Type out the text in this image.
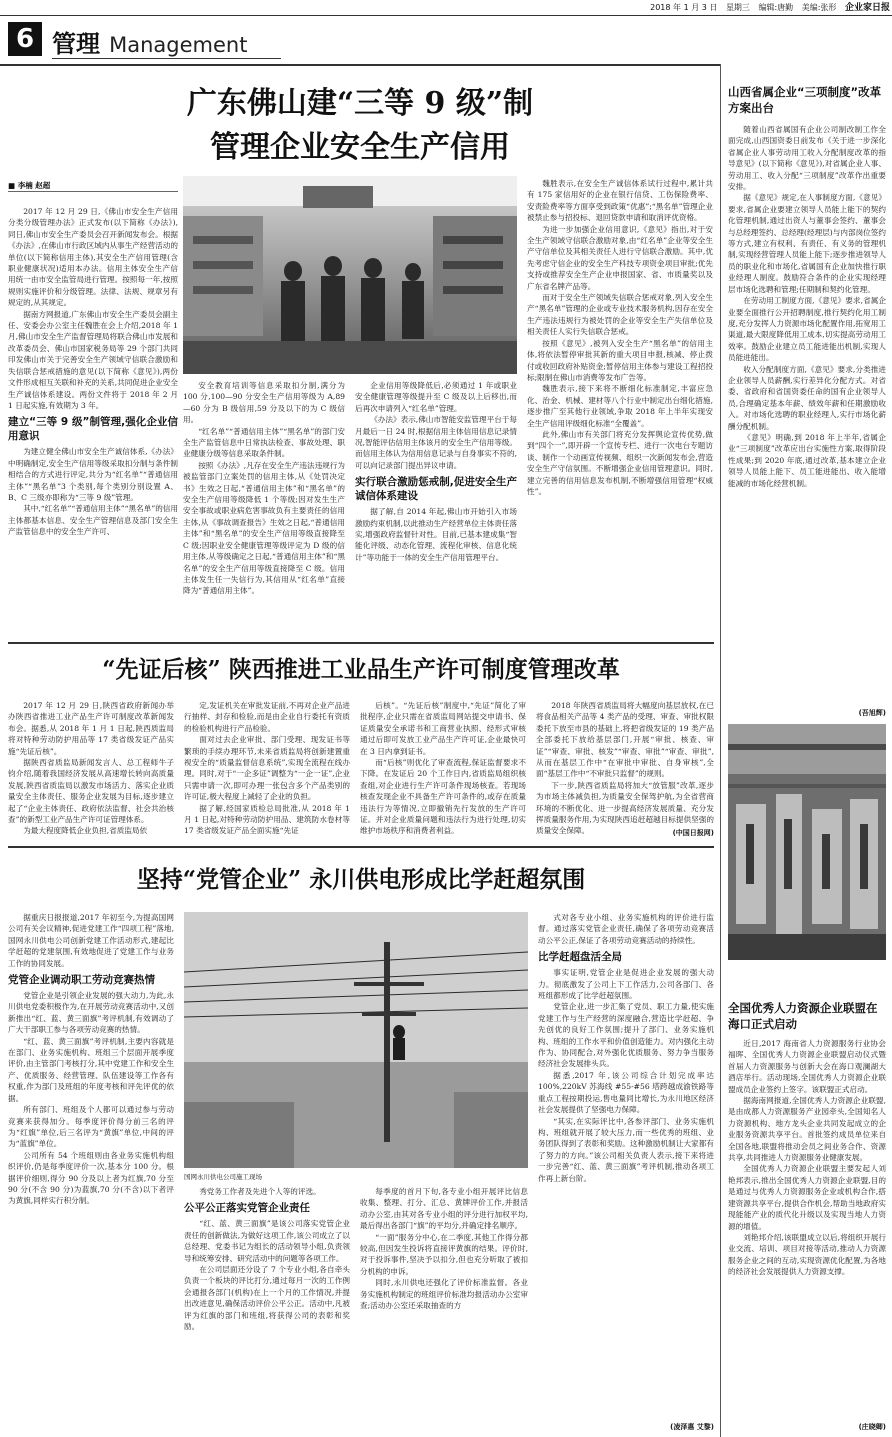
2018 年 1 月 3 日 星期三 编辑:唐勤 美编:张形 企业家日报
6 管理 Management
广东佛山建“三等 9 级”制
管理企业安全生产信用
■ 李楠 赵超

2017 年 12 月 29 日,《佛山市安全生产信用分类分级管理办法》正式发布(以下简称《办法》),同日,佛山市安全生产委员会召开新闻发布会。根据《办法》,在佛山市行政区域内从事生产经营活动的单位(以下简称信用主体),其安全生产信用管理(含职业健康状况)适用本办法。信用主体安全生产信用统一由市安全监管局进行管理。按照每一年,按照规则实施评价和分级管理。法律、法规、规章另有规定的,从其规定。

据南方网报道,广东佛山市安全生产委员会副主任、安委会办公室主任魏胜在会上介绍,2018 年 1 月,佛山市安全生产监督管理局将联合佛山市发展和改革委员会、佛山市国家税务局等 29 个部门共同印发佛山市关于完善安全生产领域守信联合激励和失信联合惩戒措施的意见(以下简称《意见》),两份文件形成相互关联和补充的关系,共同促进企业安全生产诚信体系建设。两份文件将于 2018 年 2 月 1 日起实施,有效期为 3 年。

建立“三等 9 级”制管理,强化企业信用意识

为建立健全佛山市安全生产诚信体系,《办法》中明确制定,安全生产信用等级采取扣分制与条件制相结合的方式进行评定,共分为“红名单”“普通信用主体”“黑名单”3 个类别,每个类别分别设置 A、B、C 三级亦即称为“三等 9 级”管理。

其中,“红名单”“普通信用主体”“黑名单”的信用主体都基本信息、安全生产管理信息及部门安全生产监管信息中的安全生产许可、

安全教育培训等信息采取扣分制,满分为 100 分,100—90 分安全生产信用等级为 A,89—60 分为 B 级信用,59 分及以下的为 C 级信用。

“红名单”“普通信用主体”“黑名单”的部门安全生产监管信息中日常执法检查、事故处理、职业健康分级等信息采取条件制。

按照《办法》,凡存在安全生产违法违规行为被监管部门立案处罚的信用主体,从《处罚决定书》生效之日起,“普通信用主体”和“黑名单”的安全生产信用等级降低 1 个等级;因对发生生产安全事故或职业病危害事故负有主要责任的信用主体,从《事故调查报告》生效之日起,“普通信用主体”和“黑名单”的安全生产信用等级直接降至 C 级;因职业安全健康管理等级评定为 D 级的信用主体,从等级确定之日起,“普通信用主体”和“黑名单”的安全生产信用等级直接降至 C 级。信用主体发生任一失信行为,其信用从“红名单”直接降为“普通信用主体”。

企业信用等级降低后,必须通过 1 年或职业安全健康管理等级提升至 C 级及以上后移出,而后再次申请列入“红名单”管理。

《办法》表示,佛山市智能安监管理平台于每月最后一日 24 时,根据信用主体信用信息记录情况,智能评估信用主体该月的安全生产信用等级。而信用主体认为信用信息记录与自身事实不符的,可以向记录部门提出异议申请。

实行联合激励惩戒制,促进安全生产诚信体系建设

据了解,自 2014 年起,佛山市开始引入市场激励约束机制,以此推动生产经营单位主体责任落实,增强政府监督针对性。目前,已基本建成集“智能化评级、动态化管理、流程化审核、信息化统计”等功能于一体的安全生产信用管理平台。

魏胜表示,在安全生产诚信体系试行过程中,累计共有 175 家信用好的企业在银行信贷、工伤保险费率、安责险费率等方面享受到政策“优惠”;“黑名单”管理企业被禁止参与招投标、退回贷款申请和取消评优资格。

为进一步加强企业信用意识,《意见》指出,对于安全生产领域守信联合激励对象,由“红名单”企业等安全生产守信单位及其相关责任人进行守信联合激励。其中,优先考虑守信企业的安全生产科技专项资金项目审批;优先支持或推荐安全生产企业申报国家、省、市质量奖以及广东省名牌产品等。

而对于安全生产领域失信联合惩戒对象,列入安全生产“黑名单”管理的企业或专业技术服务机构,因存在安全生产违法违规行为被处罚的企业等安全生产失信单位及相关责任人实行失信联合惩戒。

按照《意见》,被列入安全生产“黑名单”的信用主体,将依法暂停审批其新的重大项目申报,核减、停止拨付或收回政府补贴资金;暂停信用主体参与建设工程招投标;限制在佛山市消费等发布广告等。

魏胜表示,接下来将不断细化标准制定,丰富应急化、治金、机械、建材等八个行业中制定出台细化措施,逐步推广至其他行业领域,争取 2018 年上半年实现安全生产信用评级细化标准“全覆盖”。

此外,佛山市有关部门将充分发挥舆论宣传优势,做到“四个一”,即开辟一个宣传专栏、进行一次电台专题访谈、制作一个动画宣传视频、组织一次新闻发布会,营造安全生产守信氛围。不断增强企业信用管理意识。同时,建立完善的信用信息发布机制,不断增强信用管理“权威性”。

“先证后核” 陕西推进工业品生产许可制度管理改革

2017 年 12 月 29 日,陕西省政府新闻办举办陕西省推进工业产品生产许可制度改革新闻发布会。据悉,从 2018 年 1 月 1 日起,陕西质监局将对特种劳动防护用品等 17 类省级发证产品实施“先证后核”。

据陕西省质监局新闻发言人、总工程师牛子钧介绍,随着我国经济发展从高速增长转向高质量发展,陕西省质监局以激发市场活力、落实企业质量安全主体责任、服务企业发展为目标,逐步建立起了“企业主体责任、政府依法监督、社会共治核查”的新型工业产品生产许可证管理体系。

为最大程度降低企业负担,省质监局依

定,发证机关在审批发证前,不再对企业产品进行抽样、封存和检验,而是由企业自行委托有资质的检验机构进行产品检验。

面对过去企业审批、部门受理、现发证书等繁琐的手续办理环节,未来省质监局将创新建置重视安全的“质量监督信息系统”,实现全流程在线办理。同时,对于“一企多证”调整为“一企一证”,企业只需申请一次,即可办理一张包含多个产品类别的许可证,极大程度上减轻了企业的负担。

据了解,经国家质检总局批准,从 2018 年 1 月 1 日起,对特种劳动防护用品、建筑防水卷材等 17 类省级发证产品全面实施“先证

后核”。“先证后核”制度中,“先证”简化了审批程序,企业只需在省质监局网站提交申请书、保证质量安全承诺书和工商营业执照、经形式审核通过后即可发放工业产品生产许可证,企业最快可在 3 日内拿到证书。

而“后核”则优化了审查流程,保证监督要求不下降。在发证后 20 个工作日内,省质监局组织核查组,对企业进行生产许可条件现场核查。若现场核查发现企业不具备生产许可条件的,或存在质量违法行为等情况,立即撤销先行发放的生产许可证。并对企业质量问题和违法行为进行处理,切实维护市场秩序和消费者利益。

2018 年陕西省质监局将大幅度向基层放权,在已将食品相关产品等 4 类产品的受理、审查、审批权限委托下放至市县的基础上,将把省级发证的 19 类产品全部委托下放给基层部门,开展“审批、核查、审证”“审查、审批、核发”“审查、审批”“审查、审批”,从而在基层工作中“在审批中审批、自身审核”,全面“基层工作中“不审批只监督”的规则。

下一步,陕西省质监局将加大“放管服”改革,逐步为市场主体减负担,为质量安全保驾护航,为全省营商环境的不断优化、进一步提高经济发展质量、充分发挥质量服务作用,为实现陕西追赶超越目标提供坚强的质量安全保障。	(中国日报网)
山西省属企业“三项制度”改革方案出台

随着山西省属国有企业公司制改制工作全面完成,山西国资委日前发布《关于进一步深化省属企业人事劳动用工收入分配制度改革的指导意见》(以下简称《意见》),对省属企业人事、劳动用工、收入分配“三项制度”改革作出重要安排。

据《意见》规定,在人事制度方面,《意见》要求,省属企业要建立领导人员能上能下的契约化管理机制,通过出资人与董事会签约、董事会与总经理签约、总经理(经理层)与内部岗位签约等方式,建立有权利、有责任、有义务的管理机制,实现经营管理人员能上能下;逐步推进领导人员的职业化和市场化,省属国有企业加快推行职业经理人制度。鼓励符合条件的企业实现经理层市场化选聘和管理;任期制和契约化管理。

在劳动用工制度方面,《意见》要求,省属企业要全面推行公开招聘制度,推行契约化用工制度,充分发挥人力资源市场化配置作用,拓宽用工渠道,最大限度降低用工成本,切实提高劳动用工效率。鼓励企业建立员工能进能出机制,实现人员能进能出。

收入分配制度方面,《意见》要求,分类推进企业领导人员薪酬,实行差异化分配方式。对省委、省政府和省国资委任命的国有企业领导人员,合理确定基本年薪、绩效年薪和任期激励收入。对市场化选聘的职业经理人,实行市场化薪酬分配机制。

《意见》明确,到 2018 年上半年,省属企业“三项制度”改革应出台实施性方案,取得阶段性成果;到 2020 年底,通过改革,基本建立企业领导人员能上能下、员工能进能出、收入能增能减的市场化经营机制。

(吾旭辉)
全国优秀人力资源企业联盟在海口正式启动

近日,2017 海南省人力资源服务行业协会福晖、全国优秀人力资源企业联盟启动仪式暨首届人力资源服务与创新大会在海口观澜湖大酒店举行。活动现场,全国优秀人力资源企业联盟成员企业签约上签字。该联盟正式启动。

据海南网报道,全国优秀人力资源企业联盟,是由成都人力资源服务产业园牵头,全国知名人力资源机构、地方龙头企业共同发起成立的企业服务资源共享平台。首批签约成员单位来自全国各地,联盟将推动会员之间业务合作、资源共享,共同推进人力资源服务业健康发展。

全国优秀人力资源企业联盟主要发起人刘艳邦表示,推出全国优秀人力资源企业联盟,目的是通过与优秀人力资源服务企业或机构合作,搭建资源共享平台,提供合作机会,帮助当地政府实现能能产业的质代化升级以及实现当地人力资源的增值。

刘艳邦介绍,该联盟成立以后,将组织开展行业交流、培训、项目对接等活动,推动人力资源服务企业之间的互动,实现资源优化配置,为各地的经济社会发展提供人力资源支撑。

(庄晓卿)
坚持“党管企业” 永川供电形成比学赶超氛围

据重庆日报报道,2017 年初至今,为提高国网公司有关会议精神,促进党建工作“四项工程”落地,国网永川供电公司创新党建工作活动形式,建起比学赶超的党建氛围,有效地促进了党建工作与业务工作的协同发展。

党管企业调动职工劳动竞赛热情

党管企业是引领企业发展的强大动力,为此,永川供电党委积极作为,在开展劳动竞赛活动中,又创新推出“红、蓝、黄三面旗”考评机制,有效调动了广大干部职工参与各项劳动竞赛的热情。

“红、蓝、黄三面旗”考评机制,主要内容就是在部门、业务实施机构、班组三个层面开展季度评价,由主管部门考核打分,其中党建工作和安全生产、优质服务、经营管理、队伍建设等工作各有权重,作为部门及班组的年度考核和评先评优的依据。

所有部门、班组及个人都可以通过参与劳动竞赛来获得加分。每季度评价得分前三名的评为“红旗”单位,后三名评为“黄旗”单位,中间的评为“蓝旗”单位。

公司所有 54 个班组则由各业务实施机构组织评价,仍是每季度评价一次,基本分 100 分。根据评价细则,得分 90 分及以上者为红旗,70 分至 90 分(不含 90 分)为蓝旗,70 分(不含)以下者评为黄旗,同样实行积分制。

国网永川供电公司施工现场

秀党务工作者及先进个人等的评选。

公平公正落实党管企业责任

“红、蓝、黄三面旗”是该公司落实党管企业责任的创新做法,为做好这项工作,该公司成立了以总经理、党委书记为组长的活动领导小组,负责领导和统筹安排、研究活动中的问题等各项工作。

在公司层面还分设了 7 个专业小组,各自牵头负责一个板块的评比打分,通过每月一次的工作例会通报各部门(机构)在上一个月的工作情况,并提出改进意见,确保活动评价公平公正。活动中,凡被评为红旗的部门和班组,将获得公司的表彰和奖励。

每季度的首月下旬,各专业小组开展评比信息收集、整理、打分、汇总、黄牌评价工作,并报活动办公室,由其对各专业小组的评分进行加权平均,最后得出各部门“旗”的平均分,并确定排名顺序。

“一面”服务分中心,在二季度,其他工作得分都较高,但因发生投诉将直接评黄旗的结果。评价时,对于投诉事件,坚决予以扣分,但也充分听取了被扣分机构的申诉。

同时,永川供电还强化了评价标准监督。各业务实施机构制定的班组评价标准均报活动办公室审查;活动办公室还采取抽查的方

式对各专业小组、业务实施机构的评价进行监督。通过落实党管企业责任,确保了各项劳动竞赛活动公平公正,保证了各项劳动竞赛活动的持续性。

比学赶超盘活全局

事实证明,党管企业是促进企业发展的强大动力。彻底激发了公司上下工作活力,公司各部门、各班组都形成了比学赶超氛围。

党管企业,进一步汇集了党员、职工力量,使实施党建工作与生产经营的深度融合,营造比学赶超、争先创优的良好工作氛围;提升了部门、业务实施机构、班组的工作水平和价值创造能力。对内强化主动作为、协同配合,对外强化优质服务、努力争当服务经济社会发展排头兵。

据悉,2017 年,该公司综合计划完成率达 100%,220kV 苏海线 #55-#56 塔跨越成渝铁路等重点工程按期投运,售电量同比增长,为永川地区经济社会发展提供了坚强电力保障。

“其实,在实际评比中,各参评部门、业务实施机构、班组就开展了较大压力,而一些优秀的班组、业务团队得到了表彰和奖励。这种激励机制让大家都有了努力的方向。”该公司相关负责人表示,接下来将进一步完善“红、蓝、黄三面旗”考评机制,推动各项工作再上新台阶。

(凌泽惠 艾黎)
